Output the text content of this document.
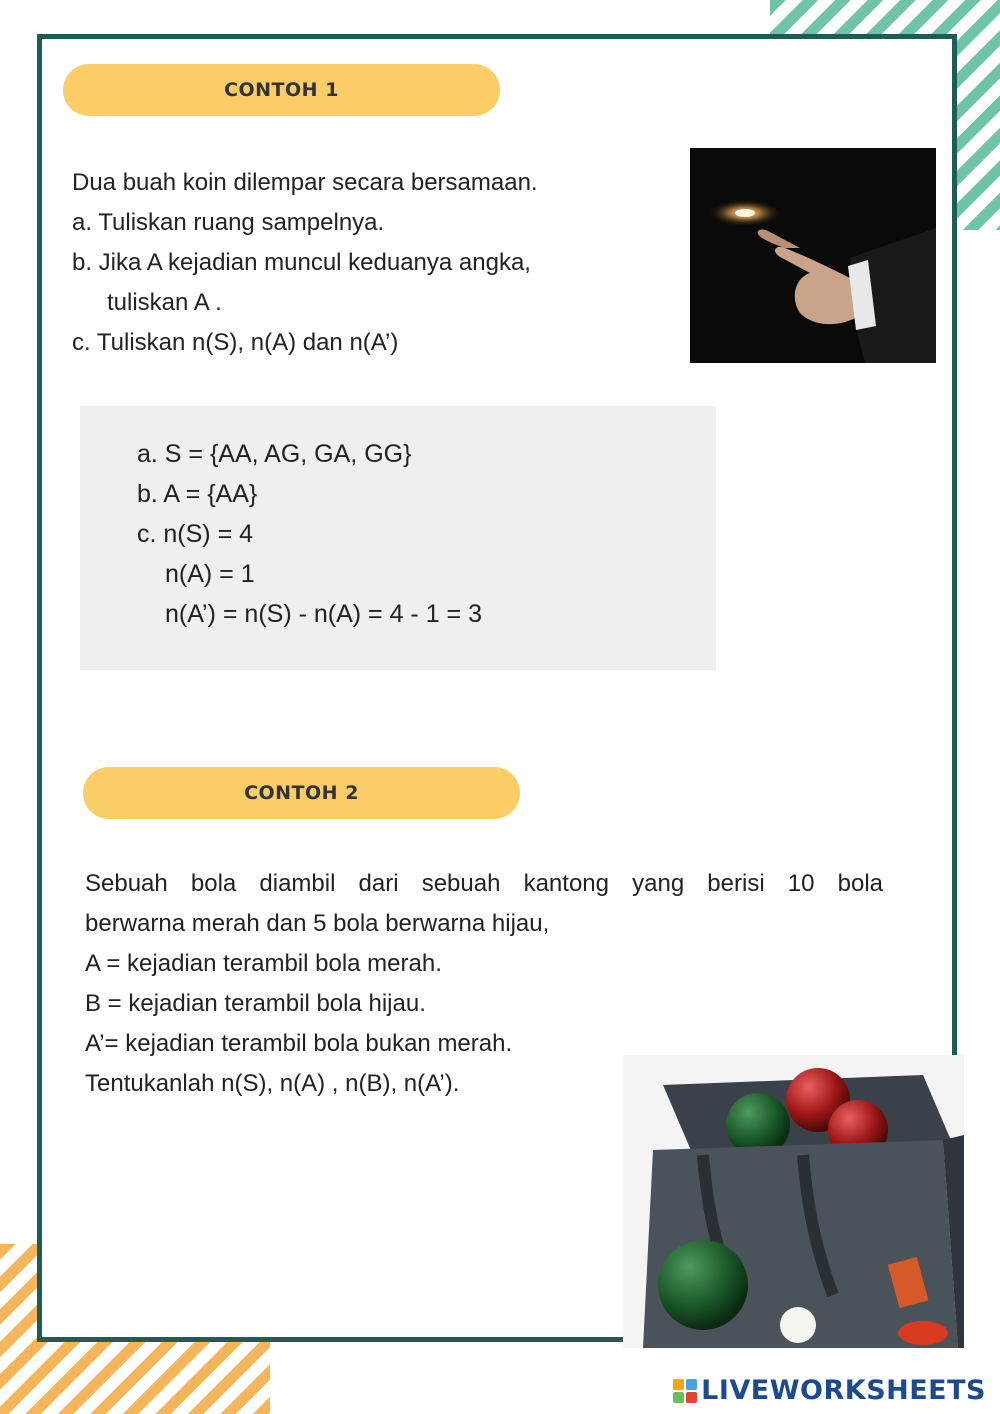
CONTOH 1
Dua buah koin dilempar secara bersamaan.
a. Tuliskan ruang sampelnya.
b. Jika A kejadian muncul keduanya angka,
tuliskan A .
c. Tuliskan n(S), n(A) dan n(A’)
a. S = {AA, AG, GA, GG}
b. A = {AA}
c. n(S) = 4
n(A) = 1
n(A’) = n(S) - n(A) = 4 - 1 = 3
CONTOH 2
Sebuah bola diambil dari sebuah kantong yang berisi 10 bola
berwarna merah dan 5 bola berwarna hijau,
A = kejadian terambil bola merah.
B = kejadian terambil bola hijau.
A’= kejadian terambil bola bukan merah.
Tentukanlah n(S), n(A) , n(B), n(A’).
LIVEWORKSHEETS
